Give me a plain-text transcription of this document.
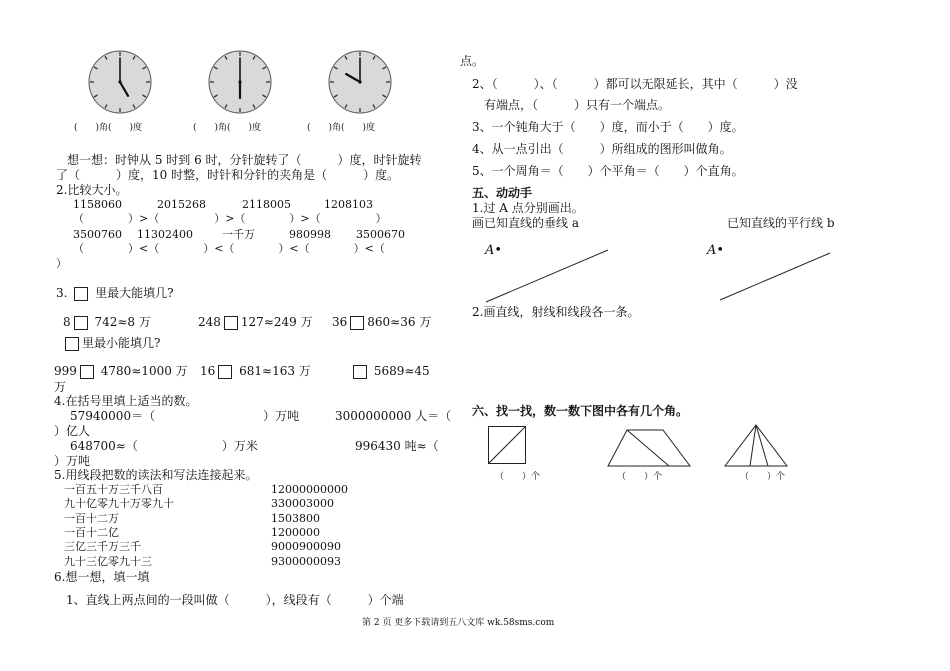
(　　)角(　　)度	(　　)角(　　)度	(　　)角(　　)度
想一想：时钟从 5 时到 6 时，分针旋转了（　　　）度，时针旋转
了（　　　）度，10 时整，时针和分针的夹角是（　　　）度。
2.比较大小。
1158060	2015268	2118005	1208103
（　　　　）>（　　　　　）>（　　　　）>（　　　　　）
3500760 11302400	一千万	980998 3500670
（　　　　）<（　　　　）<（　　　　）<（　　　　）<（
）
3. 里最大能填几?
8 742≈8 万	248 127≈249 万 36 860≈36 万
里最小能填几?
999 4780≈1000 万 16 681≈163 万	5689≈45
万
4.在括号里填上适当的数。
57940000＝（　　　　　　　　　）万吨	3000000000 人＝（
）亿人
648700≈（　　　　　　　）万米	996430 吨≈（
）万吨
5.用线段把数的读法和写法连接起来。
一百五十万三千八百	12000000000
九十亿零九十万零九十	330003000
一百十二万	1503800
一百十二亿	1200000
三亿三千万三千	9000900090
九十三亿零九十三	9300000093
6.想一想，填一填
1、直线上两点间的一段叫做（　　　），线段有（　　　）个端
点。
2、（　　　）、（　　　）都可以无限延长，其中（　　　）没
有端点，（　　　）只有一个端点。
3、一个钝角大于（　　）度，而小于（　　）度。
4、从一点引出（　　　）所组成的图形叫做角。
5、一个周角＝（　　）个平角＝（　　）个直角。
五、动动手
1.过 A 点分别画出。
画已知直线的垂线 a	已知直线的平行线 b
A•	A•
2.画直线，射线和线段各一条。
六、找一找，数一数下图中各有几个角。
（　　）个	（　　）个	（　　）个
第 2 页 更多下载请到五八文库 wk.58sms.com
